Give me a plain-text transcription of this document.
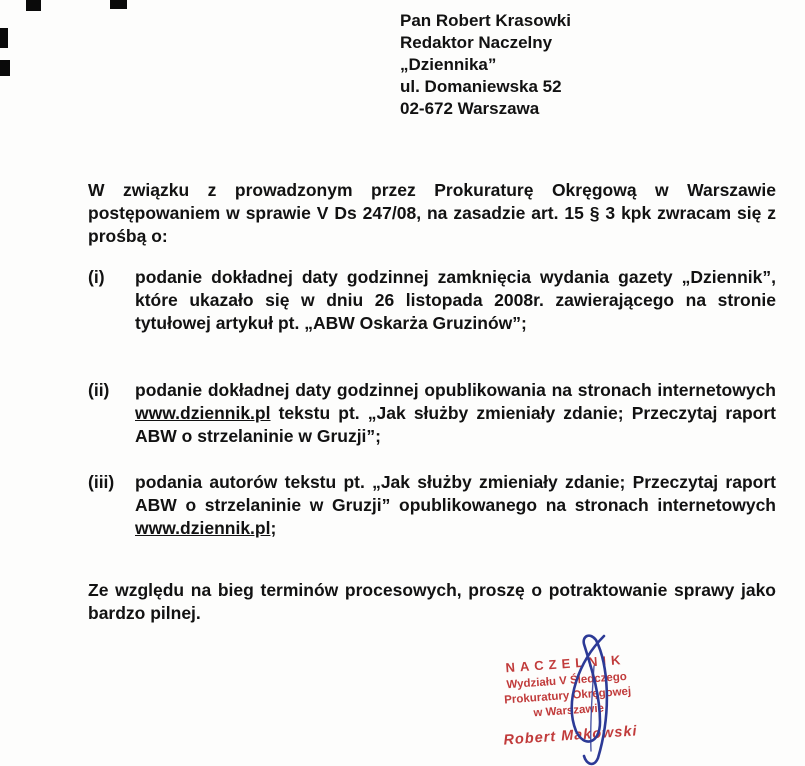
Pan Robert Krasowki
Redaktor Naczelny
„Dziennika”
ul. Domaniewska 52
02-672 Warszawa

W związku z prowadzonym przez Prokuraturę Okręgową w Warszawie postępowaniem w sprawie V Ds 247/08, na zasadzie art. 15 § 3 kpk zwracam się z prośbą o:

(i)	podanie dokładnej daty godzinnej zamknięcia wydania gazety „Dziennik”, które ukazało się w dniu 26 listopada 2008r. zawierającego na stronie tytułowej artykuł pt. „ABW Oskarża Gruzinów”;
(ii)	podanie dokładnej daty godzinnej opublikowania na stronach internetowych www.dziennik.pl tekstu pt. „Jak służby zmieniały zdanie; Przeczytaj raport ABW o strzelaninie w Gruzji”;
(iii)	podania autorów tekstu pt. „Jak służby zmieniały zdanie; Przeczytaj raport ABW o strzelaninie w Gruzji” opublikowanego na stronach internetowych www.dziennik.pl;

Ze względu na bieg terminów procesowych, proszę o potraktowanie sprawy jako bardzo pilnej.

NACZELNIK
Wydziału V Śledczego
Prokuratury Okręgowej
w Warszawie
Robert Makowski
